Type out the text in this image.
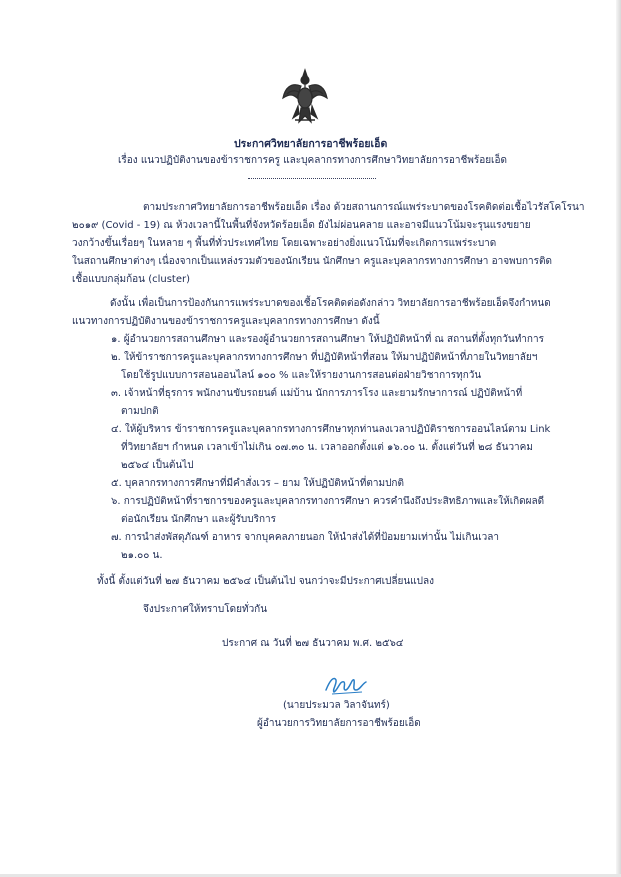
ประกาศวิทยาลัยการอาชีพร้อยเอ็ด
เรื่อง แนวปฏิบัติงานของข้าราชการครู และบุคลากรทางการศึกษาวิทยาลัยการอาชีพร้อยเอ็ด
ตามประกาศวิทยาลัยการอาชีพร้อยเอ็ด เรื่อง ด้วยสถานการณ์แพร่ระบาดของโรคติดต่อเชื้อไวรัสโคโรนา
๒๐๑๙ (Covid - 19) ณ ห้วงเวลานี้ในพื้นที่จังหวัดร้อยเอ็ด ยังไม่ผ่อนคลาย และอาจมีแนวโน้มจะรุนแรงขยาย
วงกว้างขึ้นเรื่อยๆ ในหลาย ๆ พื้นที่ทั่วประเทศไทย โดยเฉพาะอย่างยิ่งแนวโน้มที่จะเกิดการแพร่ระบาด
ในสถานศึกษาต่างๆ เนื่องจากเป็นแหล่งรวมตัวของนักเรียน นักศึกษา ครูและบุคลากรทางการศึกษา อาจพบการติด
เชื้อแบบกลุ่มก้อน (cluster)
ดังนั้น เพื่อเป็นการป้องกันการแพร่ระบาดของเชื้อโรคติดต่อดังกล่าว วิทยาลัยการอาชีพร้อยเอ็ดจึงกำหนด
แนวทางการปฏิบัติงานของข้าราชการครูและบุคลากรทางการศึกษา ดังนี้
๑. ผู้อำนวยการสถานศึกษา และรองผู้อำนวยการสถานศึกษา ให้ปฏิบัติหน้าที่ ณ สถานที่ตั้งทุกวันทำการ
๒. ให้ข้าราชการครูและบุคลากรทางการศึกษา ที่ปฏิบัติหน้าที่สอน ให้มาปฏิบัติหน้าที่ภายในวิทยาลัยฯ
โดยใช้รูปแบบการสอนออนไลน์ ๑๐๐ % และให้รายงานการสอนต่อฝ่ายวิชาการทุกวัน
๓. เจ้าหน้าที่ธุรการ พนักงานขับรถยนต์ แม่บ้าน นักการภารโรง และยามรักษาการณ์ ปฏิบัติหน้าที่
ตามปกติ
๔. ให้ผู้บริหาร ข้าราชการครูและบุคลากรทางการศึกษาทุกท่านลงเวลาปฏิบัติราชการออนไลน์ตาม Link
ที่วิทยาลัยฯ กำหนด เวลาเข้าไม่เกิน ๐๗.๓๐ น. เวลาออกตั้งแต่ ๑๖.๐๐ น. ตั้งแต่วันที่ ๒๘ ธันวาคม
๒๕๖๔ เป็นต้นไป
๕. บุคลากรทางการศึกษาที่มีคำสั่งเวร – ยาม ให้ปฏิบัติหน้าที่ตามปกติ
๖. การปฏิบัติหน้าที่ราชการของครูและบุคลากรทางการศึกษา ควรคำนึงถึงประสิทธิภาพและให้เกิดผลดี
ต่อนักเรียน นักศึกษา และผู้รับบริการ
๗. การนำส่งพัสดุภัณฑ์ อาหาร จากบุคคลภายนอก ให้นำส่งได้ที่ป้อมยามเท่านั้น ไม่เกินเวลา
๒๑.๐๐ น.
ทั้งนี้ ตั้งแต่วันที่ ๒๗ ธันวาคม ๒๕๖๔ เป็นต้นไป จนกว่าจะมีประกาศเปลี่ยนแปลง
จึงประกาศให้ทราบโดยทั่วกัน
ประกาศ ณ วันที่ ๒๗ ธันวาคม พ.ศ. ๒๕๖๔
(นายประมวล วิลาจันทร์)
ผู้อำนวยการวิทยาลัยการอาชีพร้อยเอ็ด
